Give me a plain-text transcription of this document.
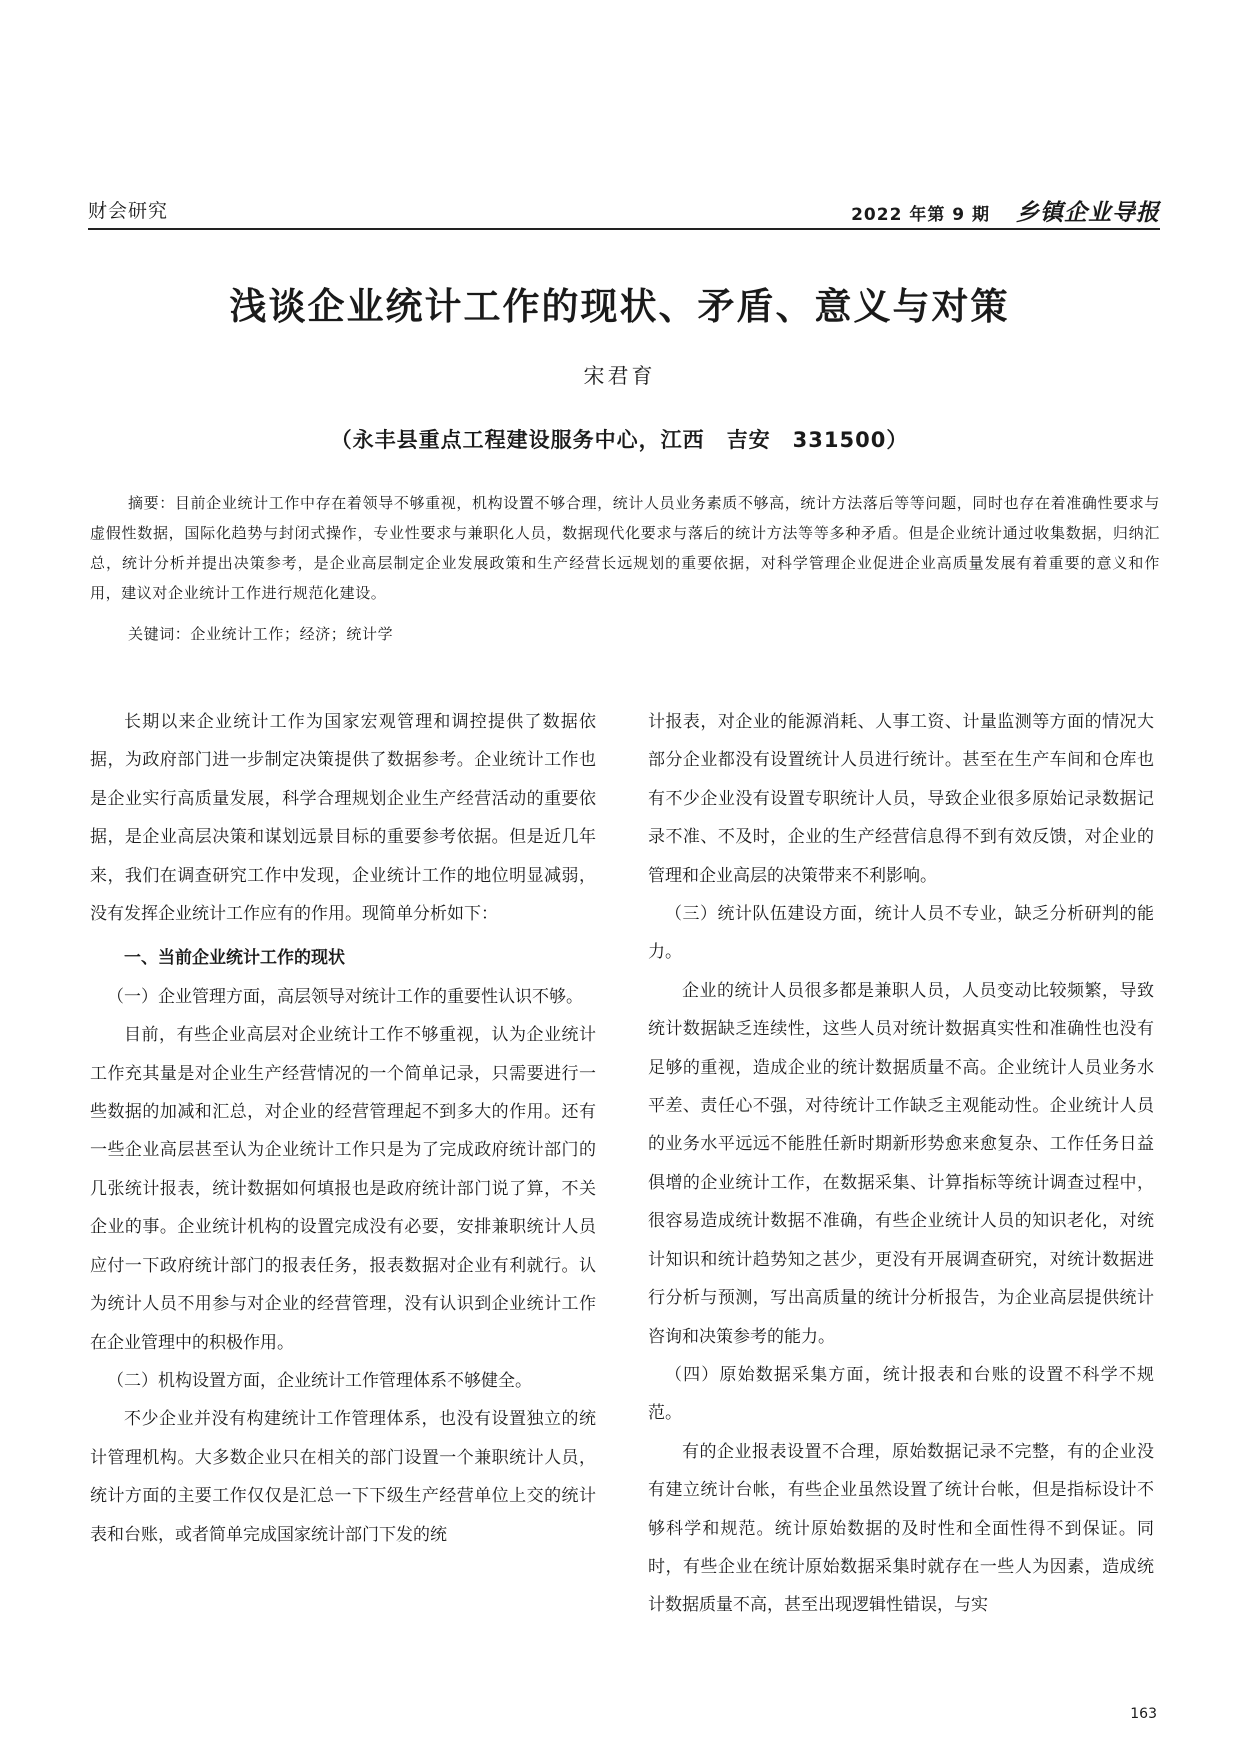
财会研究	2022 年第 9 期 乡镇企业导报
浅谈企业统计工作的现状、矛盾、意义与对策
宋君育
（永丰县重点工程建设服务中心，江西　吉安　331500）

摘要：目前企业统计工作中存在着领导不够重视，机构设置不够合理，统计人员业务素质不够高，统计方法落后等等问题，同时也存在着准确性要求与虚假性数据，国际化趋势与封闭式操作，专业性要求与兼职化人员，数据现代化要求与落后的统计方法等等多种矛盾。但是企业统计通过收集数据，归纳汇总，统计分析并提出决策参考，是企业高层制定企业发展政策和生产经营长远规划的重要依据，对科学管理企业促进企业高质量发展有着重要的意义和作用，建议对企业统计工作进行规范化建设。

关键词：企业统计工作；经济；统计学

长期以来企业统计工作为国家宏观管理和调控提供了数据依据，为政府部门进一步制定决策提供了数据参考。企业统计工作也是企业实行高质量发展，科学合理规划企业生产经营活动的重要依据，是企业高层决策和谋划远景目标的重要参考依据。但是近几年来，我们在调查研究工作中发现，企业统计工作的地位明显减弱，没有发挥企业统计工作应有的作用。现简单分析如下：

一、当前企业统计工作的现状

（一）企业管理方面，高层领导对统计工作的重要性认识不够。

目前，有些企业高层对企业统计工作不够重视，认为企业统计工作充其量是对企业生产经营情况的一个简单记录，只需要进行一些数据的加减和汇总，对企业的经营管理起不到多大的作用。还有一些企业高层甚至认为企业统计工作只是为了完成政府统计部门的几张统计报表，统计数据如何填报也是政府统计部门说了算，不关企业的事。企业统计机构的设置完成没有必要，安排兼职统计人员应付一下政府统计部门的报表任务，报表数据对企业有利就行。认为统计人员不用参与对企业的经营管理，没有认识到企业统计工作在企业管理中的积极作用。

（二）机构设置方面，企业统计工作管理体系不够健全。

不少企业并没有构建统计工作管理体系，也没有设置独立的统计管理机构。大多数企业只在相关的部门设置一个兼职统计人员，统计方面的主要工作仅仅是汇总一下下级生产经营单位上交的统计表和台账，或者简单完成国家统计部门下发的统

计报表，对企业的能源消耗、人事工资、计量监测等方面的情况大部分企业都没有设置统计人员进行统计。甚至在生产车间和仓库也有不少企业没有设置专职统计人员，导致企业很多原始记录数据记录不准、不及时，企业的生产经营信息得不到有效反馈，对企业的管理和企业高层的决策带来不利影响。

（三）统计队伍建设方面，统计人员不专业，缺乏分析研判的能力。

企业的统计人员很多都是兼职人员，人员变动比较频繁，导致统计数据缺乏连续性，这些人员对统计数据真实性和准确性也没有足够的重视，造成企业的统计数据质量不高。企业统计人员业务水平差、责任心不强，对待统计工作缺乏主观能动性。企业统计人员的业务水平远远不能胜任新时期新形势愈来愈复杂、工作任务日益俱增的企业统计工作，在数据采集、计算指标等统计调查过程中，很容易造成统计数据不准确，有些企业统计人员的知识老化，对统计知识和统计趋势知之甚少，更没有开展调查研究，对统计数据进行分析与预测，写出高质量的统计分析报告，为企业高层提供统计咨询和决策参考的能力。

（四）原始数据采集方面，统计报表和台账的设置不科学不规范。

有的企业报表设置不合理，原始数据记录不完整，有的企业没有建立统计台帐，有些企业虽然设置了统计台帐，但是指标设计不够科学和规范。统计原始数据的及时性和全面性得不到保证。同时，有些企业在统计原始数据采集时就存在一些人为因素，造成统计数据质量不高，甚至出现逻辑性错误，与实

163
